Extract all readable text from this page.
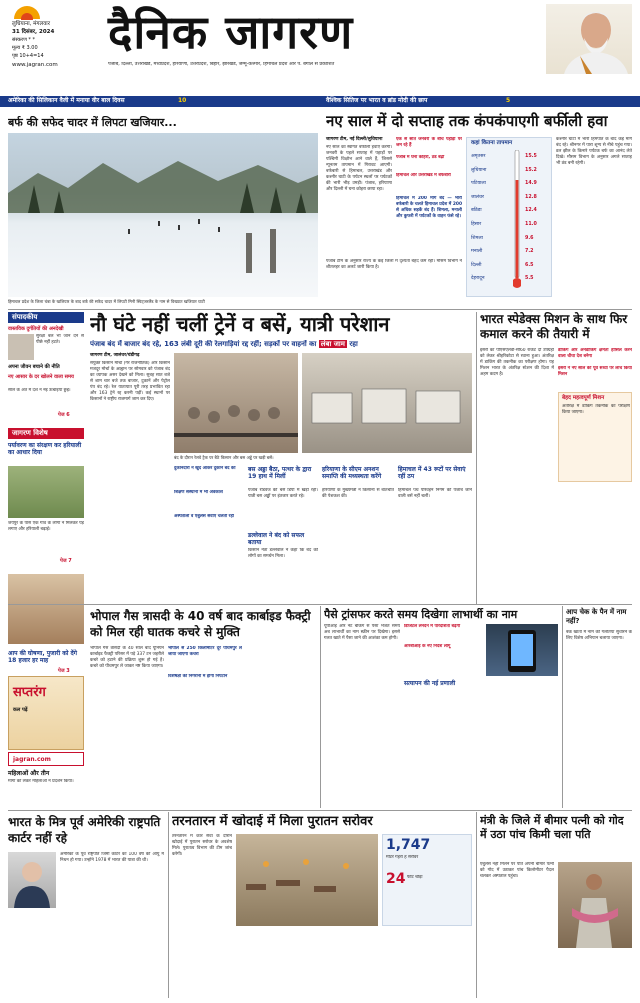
लुधियाना, मंगलवार
31 दिसंबर, 2024
संस्करण * *
मूल्य ₹ 3.00
पृष्ठ 10+4=14
www.jagran.com
दैनिक जागरण
पंजाब, दिल्ली, उत्तराखंड, मध्यप्रदेश, हरियाणा, उत्तरप्रदेश, बिहार, झारखंड, जम्मू-कश्मीर, हिमाचल प्रदेश और प. बंगाल से प्रकाशित
अमेरिका की सिलिकान वैली में मनाया वीर बाल दिवस	10	वैश्विक सितिज पर भारत व ब्रांड मोदी की छाप	5
बर्फ की सफेद चादर में लिपटा खजियार...
हिमाचल प्रदेश के जिला चंबा के खजियार के बाद बर्फ की सफेद चादर में लिपटी मिनी स्विट्जरलैंड के नाम से विख्यात खजियार घाटी
नए साल में दो सप्ताह तक कंपकंपाएगी बर्फीली हवा
जागरण टीम, नई दिल्ली/लुधियाना
नए साल का स्वागत बर्फीली हवाएं करेंगी। जनवरी के पहले सप्ताह में पहाड़ों पर पश्चिमी विक्षोभ आने वाले हैं, जिससे न्यूनतम तापमान में गिरावट आएगी। बर्फबारी से हिमाचल, उत्तराखंड और कश्मीर घाटी के पर्यटन स्थलों पर पर्यटकों की भारी भीड़ उमड़ी। पंजाब, हरियाणा और दिल्ली में घना कोहरा छाया रहा।
एक से सात जनवरी के बीच पहाड़ों पर जम रहे हैं
पंजाब में घना कोहरा, ठंड बढ़ी
हिमाचल और उत्तराखंड में बर्फबारी
हिमाचल में 200 मार्ग बंद — भारी बर्फबारी के चलते हिमाचल प्रदेश में 200 से अधिक सड़कें बंद हैं। शिमला, मनाली और कुफरी में पर्यटकों के वाहन फंसे रहे।
पंजाब टीम के अनुसार राज्य के कई जिलों में दृश्यता बेहद कम रही। मौसम विभाग ने शीतलहर का अलर्ट जारी किया है।
कहां कितना तापमान
अमृतसर	15.5
लुधियाना	15.2
पटियाला	14.9
जालंधर	12.8
बठिंडा	12.4
हिसार	11.0
शिमला	9.6
मनाली	7.2
दिल्ली	6.5
देहरादून	5.5
कश्मीर घाटी में भारी हिमपात के बाद कई मार्ग बंद रहे। श्रीनगर में पारा शून्य से नीचे पहुंच गया। डल झील के किनारे पर्यटक बर्फ का आनंद लेते दिखे। मौसम विभाग के अनुसार अगले सप्ताह भी ठंड बनी रहेगी।
संपादकीय
वास्तविक दुर्गतियों की अनदेखी
सुरक्षा बल भी जान देने से पीछे नहीं हटते।
अपना जीवन बचाने की नीति
नए आसार के दर खोलने वाला समय
साल के अंत में देश ने नई ऊंचाइयां छुईं।
पेज 6
जागरण विशेष
पर्यावरण का संरक्षण कर हरियाली का आधार दिया
जयपुर के पास एक गांव के लोगों ने मिलकर पेड़ लगाए और हरियाली बढ़ाई।
पेज 7
नौ घंटे नहीं चलीं ट्रेनें व बसें, यात्री परेशान
पंजाब बंद में बाजार बंद रहे, 163 लंबी दूरी की रेलगाड़ियां रद्द रहीं; सड़कों पर वाहनों का लंबा जाम रहा
जागरण टीम, जालंधर/चंडीगढ़
संयुक्त किसान मोर्चा (गैर राजनीतिक) और किसान मजदूर मोर्चा के आह्वान पर सोमवार को पंजाब बंद का व्यापक असर देखने को मिला। सुबह सात बजे से शाम चार बजे तक बाजार, दुकानें और पेट्रोल पंप बंद रहे। रेल यातायात पूरी तरह प्रभावित रहा और 163 ट्रेनें रद्द करनी पड़ीं। कई स्थानों पर किसानों ने राष्ट्रीय राजमार्ग जाम कर दिए।
बंद के दौरान रेलवे ट्रैक पर बैठे किसान और बस अड्डे पर खड़ी बसें।
दुकानदारों ने खुद आकर दुकानें बंद कीं
शिक्षण संस्थानों में भी अवकाश
अस्पतालों व एंबुलेंस सेवाएं चलती रहीं
बस अड्डा बैठा, पत्थर के द्वारा 19 हाथ में मिलीं
पंजाब रोडवेज की बसें डिपो में खड़ी रहीं। यात्री बस अड्डों पर इंतजार करते रहे।
डल्लेवाल ने बंद को सफल बताया
किसान नेता डल्लेवाल ने कहा कि बंद को लोगों का समर्थन मिला।
हरियाणा के सीएम अनशन समाप्ति की मध्यस्थता करेंगे
हरियाणा के मुख्यमंत्री ने किसानों से बातचीत की पेशकश की।
हिमाचल में 43 रूटों पर सेवाएं रहीं ठप
हिमाचल पथ परिवहन निगम की पंजाब जाने वाली बसें नहीं चलीं।
भारत स्पेडेक्स मिशन के साथ फिर कमाल करने की तैयारी में
इसरो का पीएसएलवी-सी60 रॉकेट दो उपग्रहों को लेकर श्रीहरिकोटा से रवाना हुआ। अंतरिक्ष में डाकिंग की तकनीक का परीक्षण होगा। यह मिशन भारत के अंतरिक्ष स्टेशन की दिशा में अहम कदम है।
डाकिंग और अनडाकिंग क्षमता हासिल करने वाला चौथा देश बनेगा
इसरो ने नए साल की पूर्व संध्या पर लांच किया मिशन
बेहद महत्वपूर्ण मिशन
अंतरिक्ष में डाकिंग तकनीक का परीक्षण किया जाएगा।
आप की घोषणा, पुजारी को देंगे 18 हजार हर माह
पेज 3
सप्तरंग
कल पढ़ें
jagran.com
महिलाओं और तीन
मांगों को लेकर महिलाओं ने प्रदर्शन किया।
भोपाल गैस त्रासदी के 40 वर्ष बाद कार्बाइड फैक्ट्री को मिल रही घातक कचरे से मुक्ति
भोपाल गैस त्रासदी के 40 साल बाद यूनियन कार्बाइड फैक्ट्री परिसर में पड़े 337 टन जहरीले कचरे को हटाने की प्रक्रिया शुरू हो गई है। कचरे को पीथमपुर ले जाकर नष्ट किया जाएगा।
भोपाल से 250 किलोमीटर दूर पीथमपुर ले जाया जाएगा कचरा
विशेषज्ञों की निगरानी में होगा निपटान
पैसे ट्रांसफर करते समय दिखेगा लाभार्थी का नाम
यूपीआई और नेट बैंकिंग से पैसा भेजते समय अब लाभार्थी का नाम स्क्रीन पर दिखेगा। इससे गलत खाते में पैसा जाने की आशंका कम होगी।
डिजिटल लेनदेन में पारदर्शिता बढ़ेगी
आरबीआई के नए निर्देश लागू
सत्यापन की नई प्रणाली
आप चेक के पैन में नाम नहीं?
बैंक खातों में नाम की गलतियां सुधारने के लिए विशेष अभियान चलाया जाएगा।
भारत के मित्र पूर्व अमेरिकी राष्ट्रपति कार्टर नहीं रहे
अमेरिका के पूर्व राष्ट्रपति जिमी कार्टर का 100 वर्ष की आयु में निधन हो गया। उन्होंने 1978 में भारत की यात्रा की थी।
तरनतारन में खोदाई में मिला पुरातन सरोवर
तरनतारन में कार सेवा के दौरान खोदाई में पुरातन सरोवर के अवशेष मिले। पुरातत्व विभाग की टीम जांच करेगी।
1,747
मीटर गहरा है सरोवर
24 फीट चौड़ा
मंत्री के जिले में बीमार पत्नी को गोद में उठा पांच किमी चला पति
एंबुलेंस नहीं मिलने पर पति अपनी बीमार पत्नी को गोद में उठाकर पांच किलोमीटर पैदल चलकर अस्पताल पहुंचा।
